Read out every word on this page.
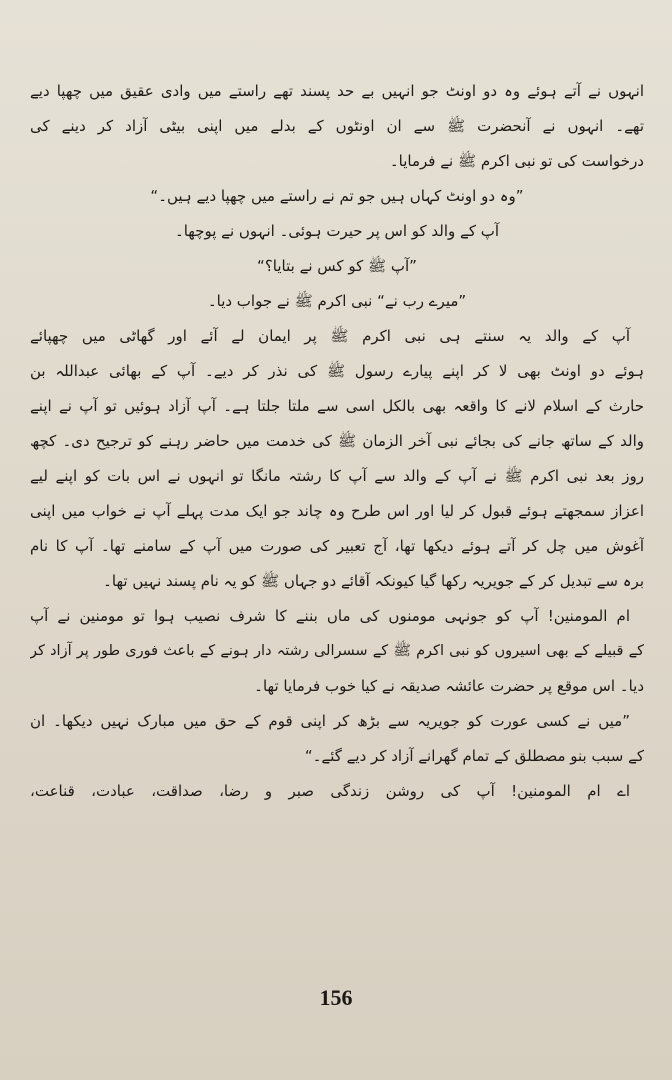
انہوں نے آتے ہوئے وہ دو اونٹ جو انہیں بے حد پسند تھے راستے میں وادی عقیق میں چھپا دیے
تھے۔ انہوں نے آنحضرت ﷺ سے ان اونٹوں کے بدلے میں اپنی بیٹی آزاد کر دینے کی
درخواست کی تو نبی اکرم ﷺ نے فرمایا۔
”وہ دو اونٹ کہاں ہیں جو تم نے راستے میں چھپا دیے ہیں۔“
آپ کے والد کو اس پر حیرت ہوئی۔ انہوں نے پوچھا۔
”آپ ﷺ کو کس نے بتایا؟“
”میرے رب نے“ نبی اکرم ﷺ نے جواب دیا۔
آپ کے والد یہ سنتے ہی نبی اکرم ﷺ پر ایمان لے آئے اور گھاٹی میں چھپائے
ہوئے دو اونٹ بھی لا کر اپنے پیارے رسول ﷺ کی نذر کر دیے۔ آپ کے بھائی عبداللہ بن
حارث کے اسلام لانے کا واقعہ بھی بالکل اسی سے ملتا جلتا ہے۔ آپ آزاد ہوئیں تو آپ نے اپنے
والد کے ساتھ جانے کی بجائے نبی آخر الزمان ﷺ کی خدمت میں حاضر رہنے کو ترجیح دی۔ کچھ
روز بعد نبی اکرم ﷺ نے آپ کے والد سے آپ کا رشتہ مانگا تو انہوں نے اس بات کو اپنے لیے
اعزاز سمجھتے ہوئے قبول کر لیا اور اس طرح وہ چاند جو ایک مدت پہلے آپ نے خواب میں اپنی
آغوش میں چل کر آتے ہوئے دیکھا تھا، آج تعبیر کی صورت میں آپ کے سامنے تھا۔ آپ کا نام
برہ سے تبدیل کر کے جویریہ رکھا گیا کیونکہ آقائے دو جہاں ﷺ کو یہ نام پسند نہیں تھا۔
ام المومنین! آپ کو جونہی مومنوں کی ماں بننے کا شرف نصیب ہوا تو مومنین نے آپ
کے قبیلے کے بھی اسیروں کو نبی اکرم ﷺ کے سسرالی رشتہ دار ہونے کے باعث فوری طور پر آزاد کر
دیا۔ اس موقع پر حضرت عائشہ صدیقہ نے کیا خوب فرمایا تھا۔
”میں نے کسی عورت کو جویریہ سے بڑھ کر اپنی قوم کے حق میں مبارک نہیں دیکھا۔ ان
کے سبب بنو مصطلق کے تمام گھرانے آزاد کر دیے گئے۔“
اے ام المومنین! آپ کی روشن زندگی صبر و رضا، صداقت، عبادت، قناعت،
156
